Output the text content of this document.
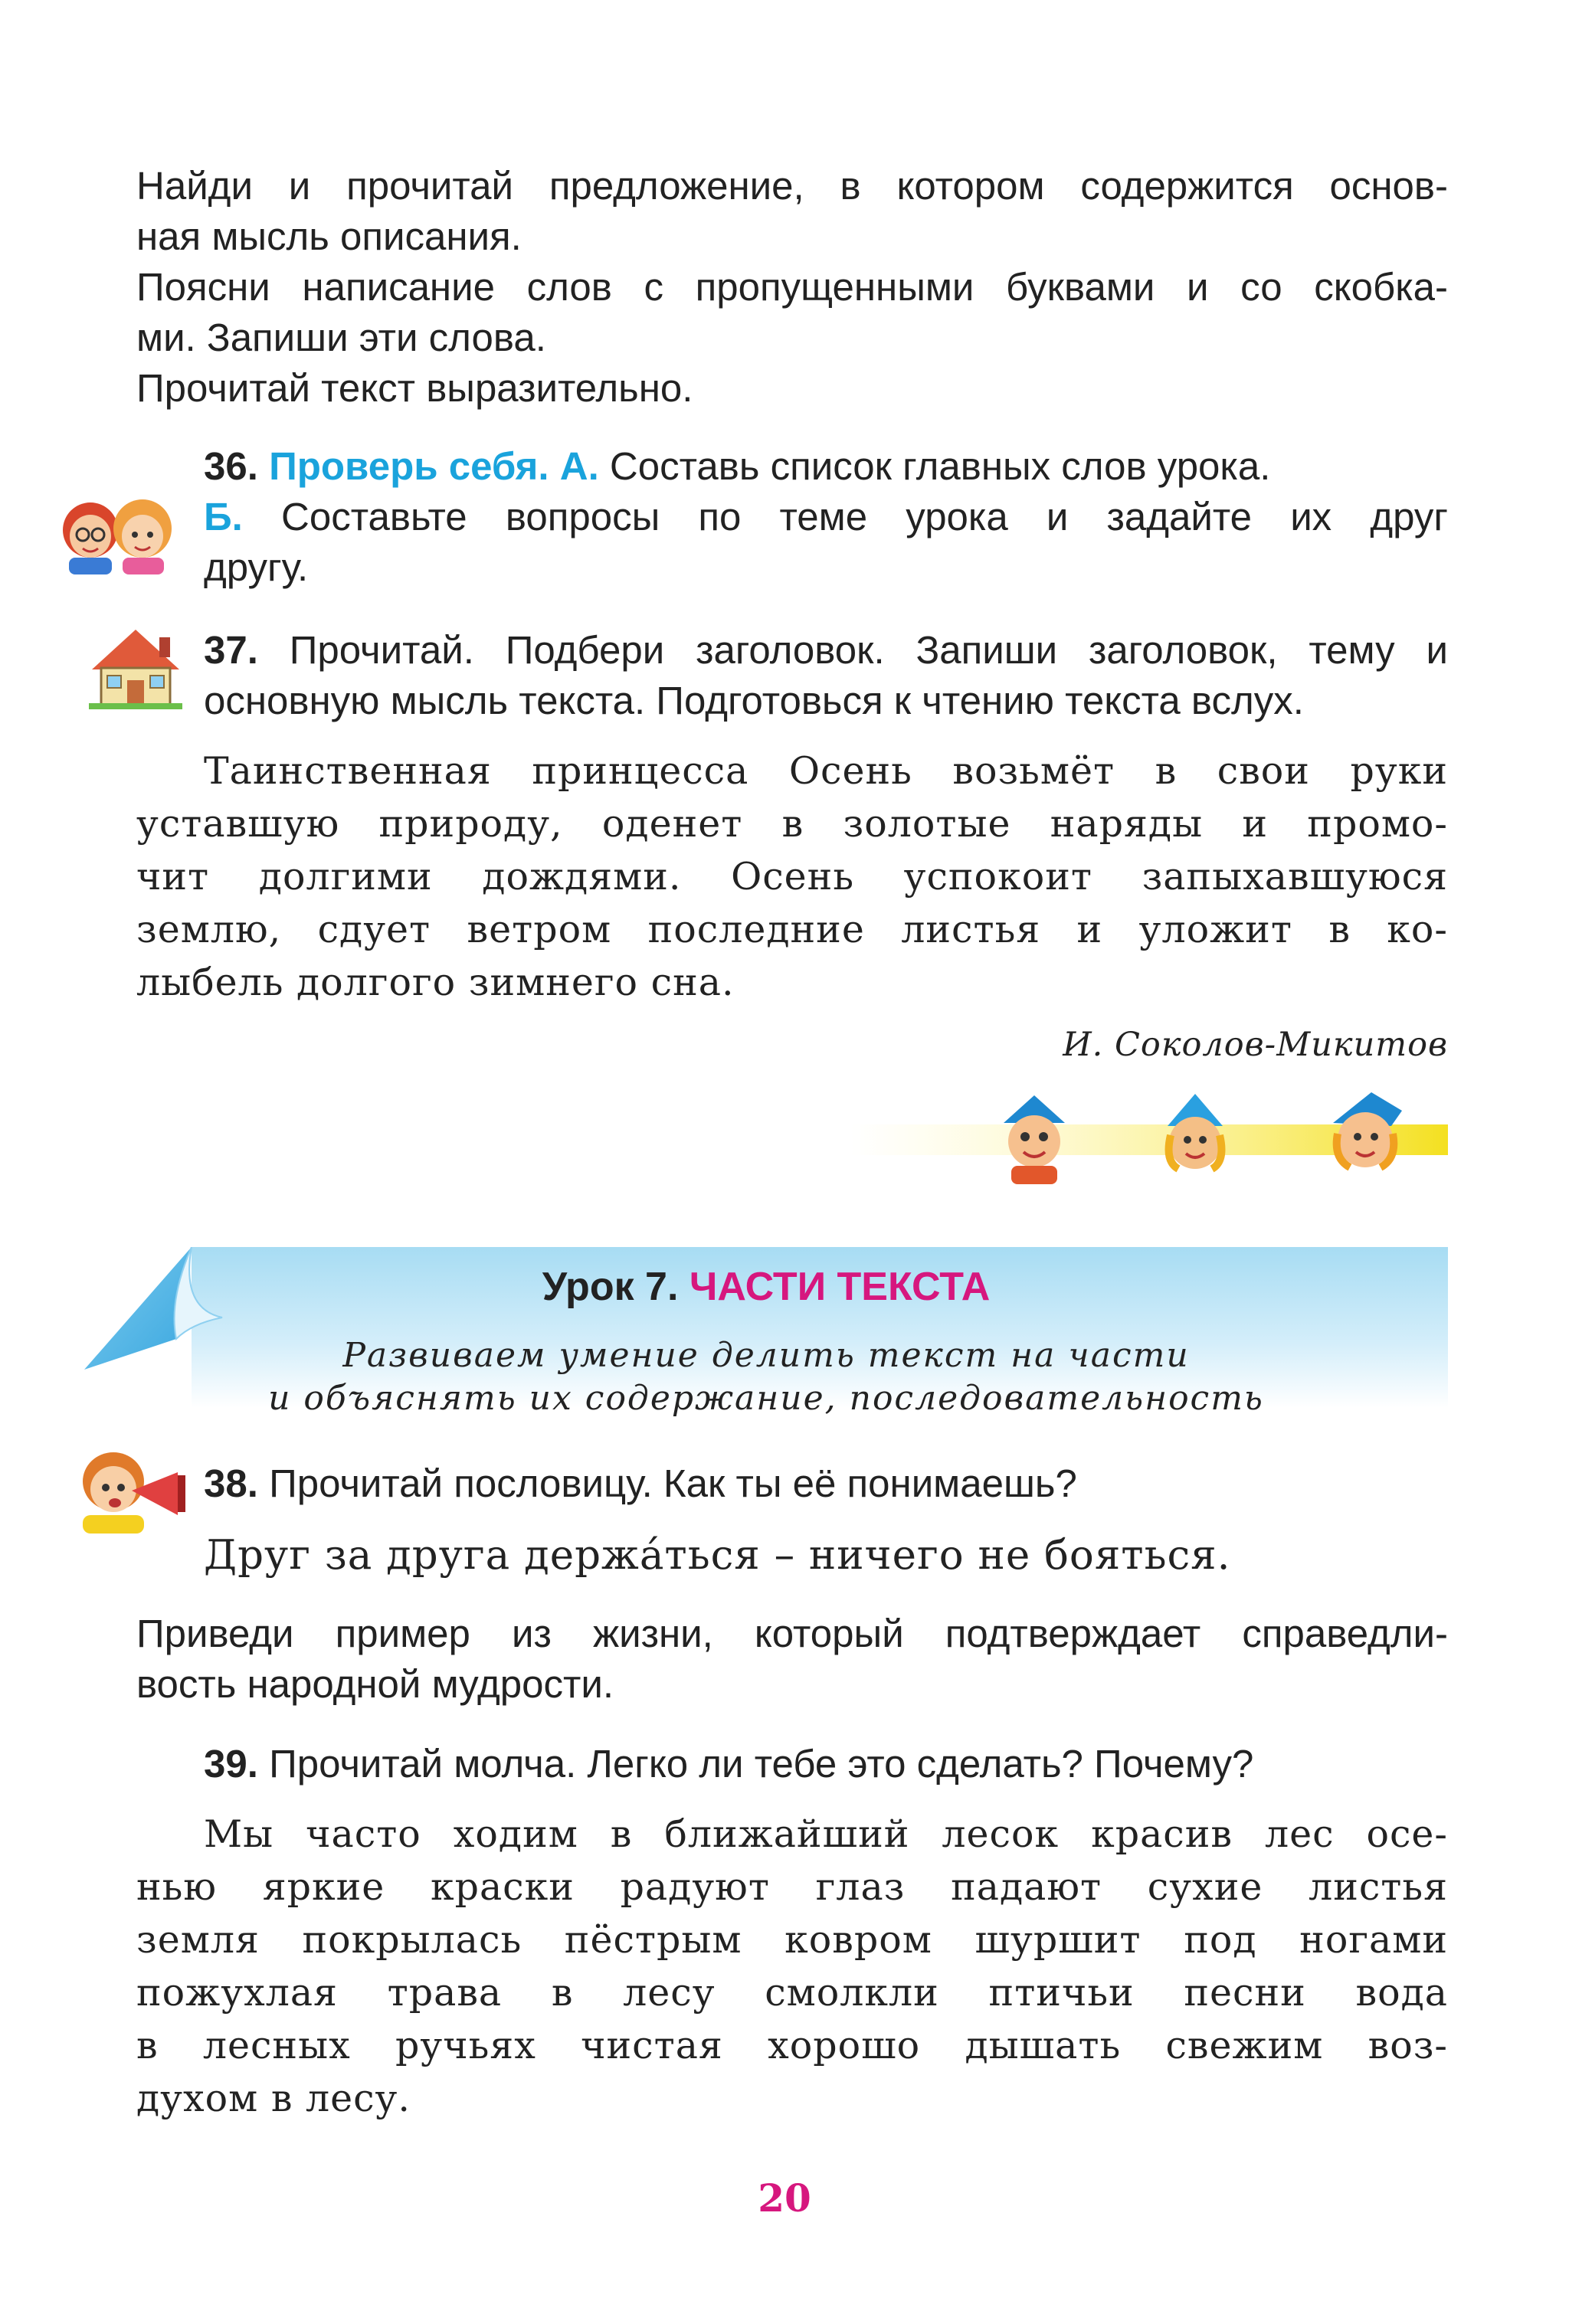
Найди и прочитай предложение, в котором содержится основ-
ная мысль описания.
Поясни написание слов с пропущенными буквами и со скобка-
ми. Запиши эти слова.
Прочитай текст выразительно.
36. Проверь себя. А. Составь список главных слов урока.
Б. Составьте вопросы по теме урока и задайте их друг
другу.
37. Прочитай. Подбери заголовок. Запиши заголовок, тему и
основную мысль текста. Подготовься к чтению текста вслух.
Таинственная принцесса Осень возьмёт в свои руки
уставшую природу, оденет в золотые наряды и промо-
чит долгими дождями. Осень успокоит запыхавшуюся
землю, сдует ветром последние листья и уложит в ко-
лыбель долгого зимнего сна.
И. Соколов-Микитов
Урок 7. ЧАСТИ ТЕКСТА
Развиваем умение делить текст на части
и объяснять их содержание, последовательность
38. Прочитай пословицу. Как ты её понимаешь?
Друг за друга держáться – ничего не бояться.
Приведи пример из жизни, который подтверждает справедли-
вость народной мудрости.
39. Прочитай молча. Легко ли тебе это сделать? Почему?
Мы часто ходим в ближайший лесок красив лес осе-
нью яркие краски радуют глаз падают сухие листья
земля покрылась пёстрым ковром шуршит под ногами
пожухлая трава в лесу смолкли птичьи песни вода
в лесных ручьях чистая хорошо дышать свежим воз-
духом в лесу.
20
